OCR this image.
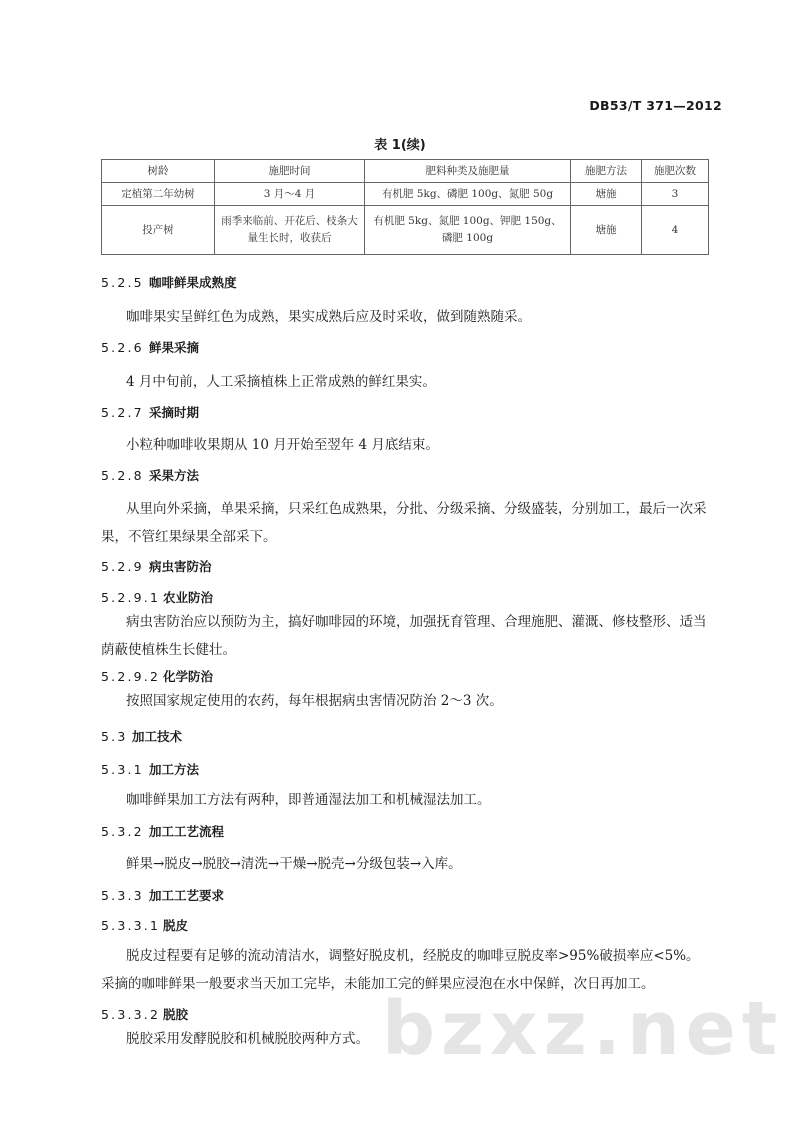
DB53/T 371—2012
表 1(续)
树龄	施肥时间	肥料种类及施肥量	施肥方法	施肥次数
定植第二年幼树	3 月～4 月	有机肥 5kg、磷肥 100g、氮肥 50g	塘施	3
投产树	雨季来临前、开花后、枝条大量生长时，收获后	有机肥 5kg、氮肥 100g、钾肥 150g、磷肥 100g	塘施	4
5.2.5 咖啡鲜果成熟度
咖啡果实呈鲜红色为成熟，果实成熟后应及时采收，做到随熟随采。
5.2.6 鲜果采摘
4 月中旬前，人工采摘植株上正常成熟的鲜红果实。
5.2.7 采摘时期
小粒种咖啡收果期从 10 月开始至翌年 4 月底结束。
5.2.8 采果方法
从里向外采摘，单果采摘，只采红色成熟果，分批、分级采摘、分级盛装，分别加工，最后一次采果，不管红果绿果全部采下。
5.2.9 病虫害防治
5.2.9.1 农业防治
病虫害防治应以预防为主，搞好咖啡园的环境，加强抚育管理、合理施肥、灌溉、修枝整形、适当荫蔽使植株生长健壮。
5.2.9.2 化学防治
按照国家规定使用的农药，每年根据病虫害情况防治 2～3 次。
5.3 加工技术
5.3.1 加工方法
咖啡鲜果加工方法有两种，即普通湿法加工和机械湿法加工。
5.3.2 加工工艺流程
鲜果→脱皮→脱胶→清洗→干燥→脱壳→分级包装→入库。
5.3.3 加工工艺要求
5.3.3.1 脱皮
脱皮过程要有足够的流动清洁水，调整好脱皮机，经脱皮的咖啡豆脱皮率>95%破损率应<5%。采摘的咖啡鲜果一般要求当天加工完毕，未能加工完的鲜果应浸泡在水中保鲜，次日再加工。
5.3.3.2 脱胶
脱胶采用发酵脱胶和机械脱胶两种方式。 bzxz.net
